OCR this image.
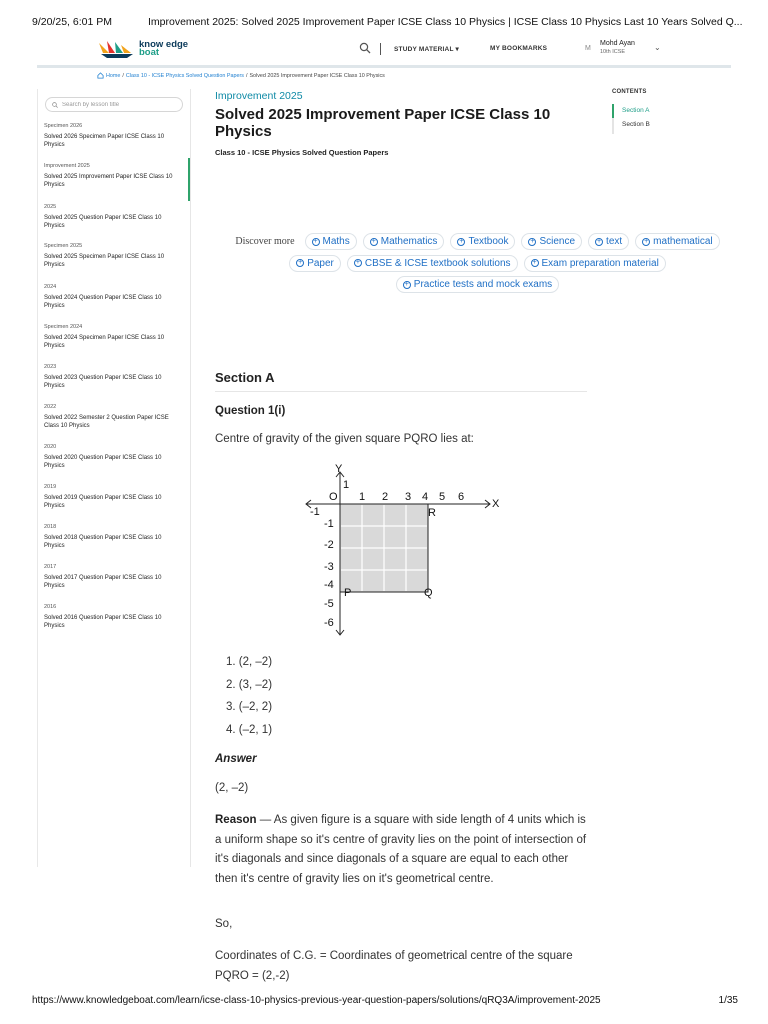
9/20/25, 6:01 PM	Improvement 2025: Solved 2025 Improvement Paper ICSE Class 10 Physics | ICSE Class 10 Physics Last 10 Years Solved Q...
know edge
boat	STUDY MATERIAL ▾	MY BOOKMARKS	M
Mohd Ayan
10th ICSE	⌄
Home / Class 10 - ICSE Physics Solved Question Papers / Solved 2025 Improvement Paper ICSE Class 10 Physics
Search by lesson title
Specimen 2026
Solved 2026 Specimen Paper ICSE Class 10 Physics
Improvement 2025
Solved 2025 Improvement Paper ICSE Class 10 Physics
2025
Solved 2025 Question Paper ICSE Class 10 Physics
Specimen 2025
Solved 2025 Specimen Paper ICSE Class 10 Physics
2024
Solved 2024 Question Paper ICSE Class 10 Physics
Specimen 2024
Solved 2024 Specimen Paper ICSE Class 10 Physics
2023
Solved 2023 Question Paper ICSE Class 10 Physics
2022
Solved 2022 Semester 2 Question Paper ICSE Class 10 Physics
2020
Solved 2020 Question Paper ICSE Class 10 Physics
2019
Solved 2019 Question Paper ICSE Class 10 Physics
2018
Solved 2018 Question Paper ICSE Class 10 Physics
2017
Solved 2017 Question Paper ICSE Class 10 Physics
2016
Solved 2016 Question Paper ICSE Class 10 Physics
Improvement 2025
Solved 2025 Improvement Paper ICSE Class 10 Physics
Class 10 - ICSE Physics Solved Question Papers
Discover more	+ Maths	+ Mathematics	+ Textbook	+ Science	+ text	+ mathematical
+ Paper	+ CBSE & ICSE textbook solutions	+ Exam preparation material
+ Practice tests and mock exams
Section A
Question 1(i)

Centre of gravity of the given square PQRO lies at:

X
Y
O
1
-1
1 2 3 4 5 6
-1
-2
-3
-4
-5
-6
R
P	Q
1. (2, –2)
2. (3, –2)
3. (–2, 2)
4. (–2, 1)
Answer
(2, –2)

Reason — As given figure is a square with side length of 4 units which is a uniform shape so it's centre of gravity lies on the point of intersection of it's diagonals and since diagonals of a square are equal to each other then it's centre of gravity lies on it's geometrical centre.

So,

Coordinates of C.G. = Coordinates of geometrical centre of the square PQRO = (2,-2)

CONTENTS
Section A
Section B
https://www.knowledgeboat.com/learn/icse-class-10-physics-previous-year-question-papers/solutions/qRQ3A/improvement-2025	1/35
